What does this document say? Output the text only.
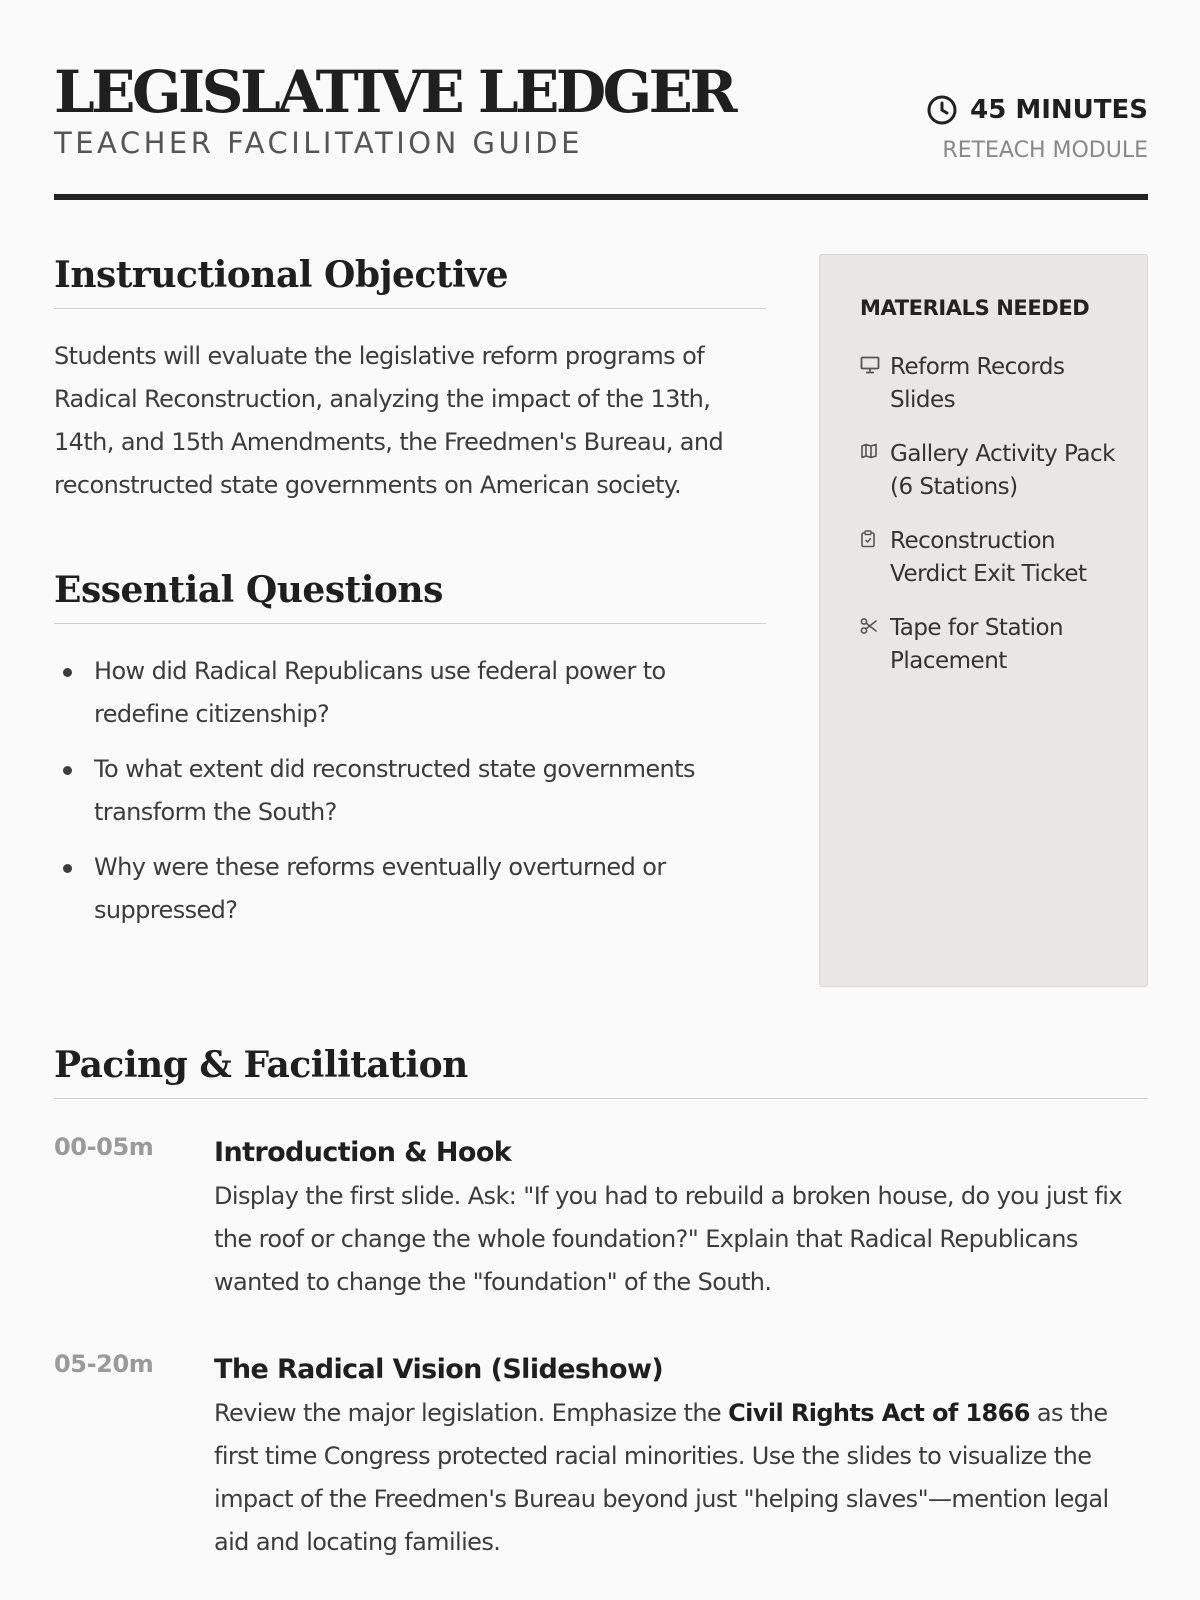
LEGISLATIVE LEDGER
TEACHER FACILITATION GUIDE
45 MINUTES
RETEACH MODULE
Instructional Objective

Students will evaluate the legislative reform programs of Radical Reconstruction, analyzing the impact of the 13th, 14th, and 15th Amendments, the Freedmen's Bureau, and reconstructed state governments on American society.

Essential Questions
How did Radical Republicans use federal power to redefine citizenship?
To what extent did reconstructed state governments transform the South?
Why were these reforms eventually overturned or suppressed?
MATERIALS NEEDED
Reform Records Slides
Gallery Activity Pack (6 Stations)
Reconstruction Verdict Exit Ticket
Tape for Station Placement
Pacing & Facilitation
00-05m	Introduction & Hook

Display the first slide. Ask: "If you had to rebuild a broken house, do you just fix the roof or change the whole foundation?" Explain that Radical Republicans wanted to change the "foundation" of the South.

05-20m	The Radical Vision (Slideshow)

Review the major legislation. Emphasize the Civil Rights Act of 1866 as the first time Congress protected racial minorities. Use the slides to visualize the impact of the Freedmen's Bureau beyond just "helping slaves"—mention legal aid and locating families.
